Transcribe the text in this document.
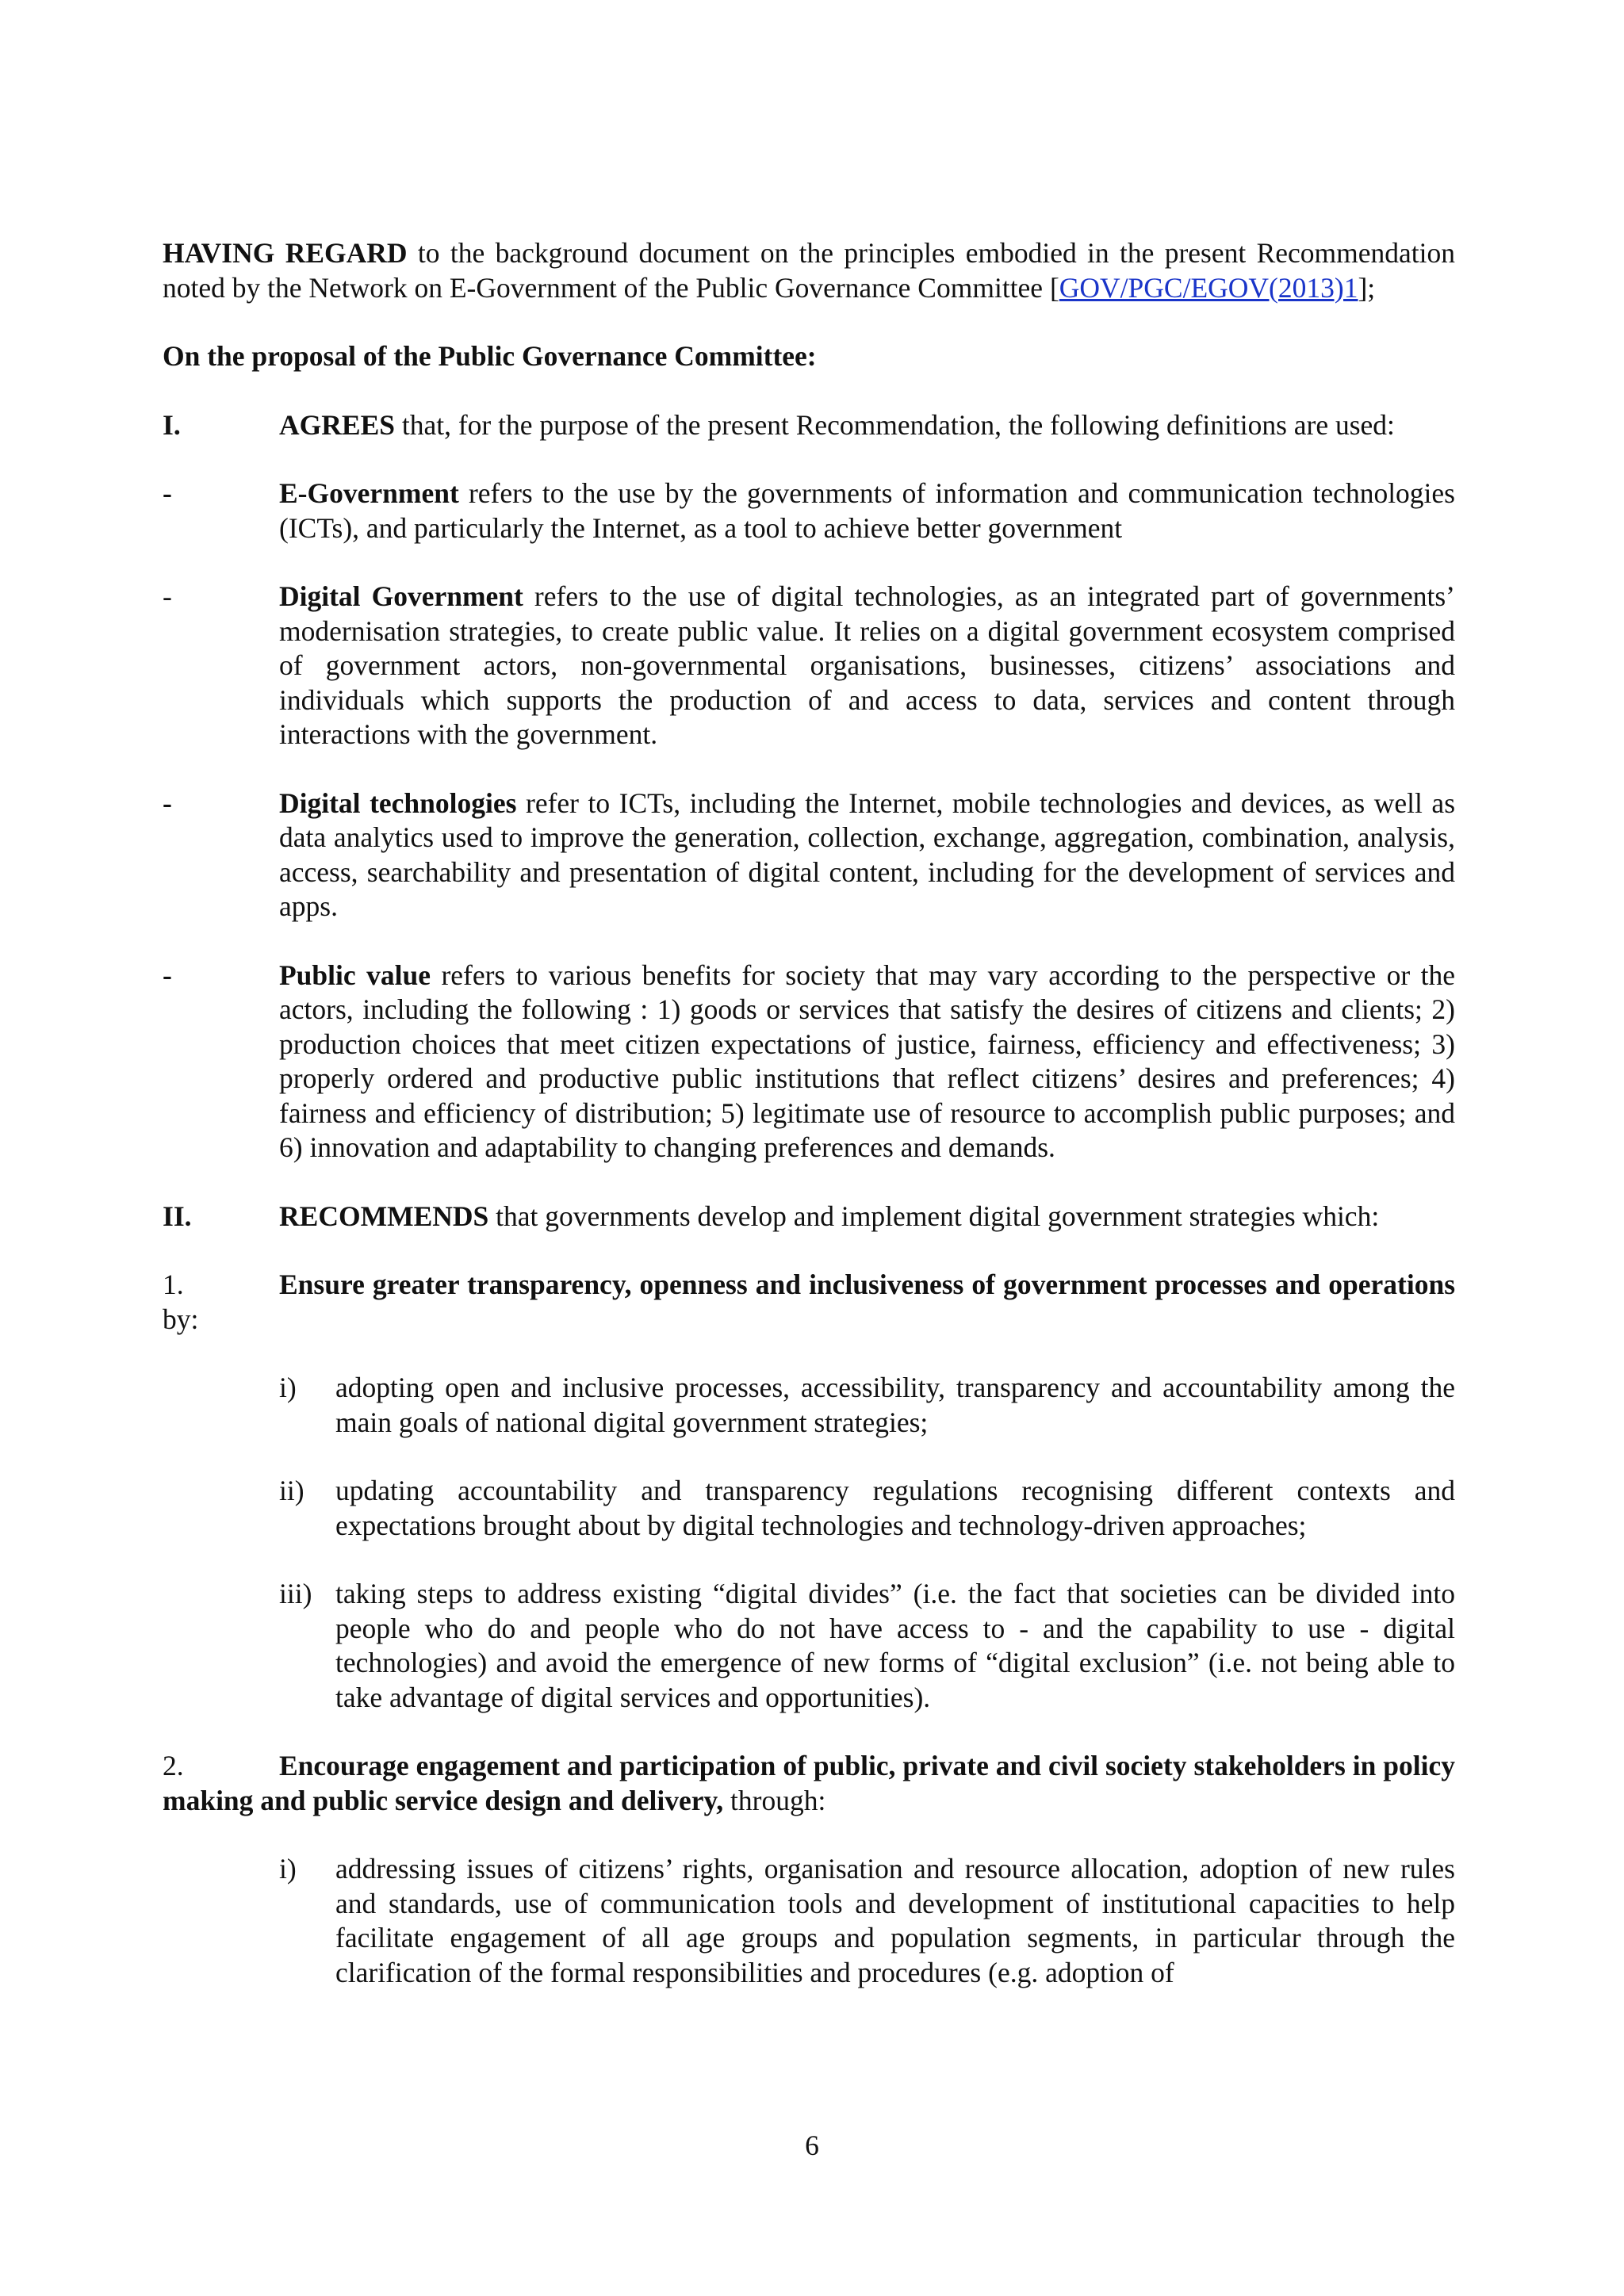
HAVING REGARD to the background document on the principles embodied in the present Recommendation noted by the Network on E-Government of the Public Governance Committee [GOV/PGC/EGOV(2013)1];

On the proposal of the Public Governance Committee:

I.	AGREES that, for the purpose of the present Recommendation, the following definitions are used:

-	E-Government refers to the use by the governments of information and communication technologies (ICTs), and particularly the Internet, as a tool to achieve better government
-	Digital Government refers to the use of digital technologies, as an integrated part of governments’ modernisation strategies, to create public value. It relies on a digital government ecosystem comprised of government actors, non-governmental organisations, businesses, citizens’ associations and individuals which supports the production of and access to data, services and content through interactions with the government.
-	Digital technologies refer to ICTs, including the Internet, mobile technologies and devices, as well as data analytics used to improve the generation, collection, exchange, aggregation, combination, analysis, access, searchability and presentation of digital content, including for the development of services and apps.
-	Public value refers to various benefits for society that may vary according to the perspective or the actors, including the following : 1) goods or services that satisfy the desires of citizens and clients; 2) production choices that meet citizen expectations of justice, fairness, efficiency and effectiveness; 3) properly ordered and productive public institutions that reflect citizens’ desires and preferences; 4) fairness and efficiency of distribution; 5) legitimate use of resource to accomplish public purposes; and 6) innovation and adaptability to changing preferences and demands.
II.	RECOMMENDS that governments develop and implement digital government strategies which:

1.	Ensure greater transparency, openness and inclusiveness of government processes and operations by:

i)	adopting open and inclusive processes, accessibility, transparency and accountability among the main goals of national digital government strategies;
ii)	updating accountability and transparency regulations recognising different contexts and expectations brought about by digital technologies and technology-driven approaches;
iii) taking steps to address existing “digital divides” (i.e. the fact that societies can be divided into people who do and people who do not have access to - and the capability to use - digital technologies) and avoid the emergence of new forms of “digital exclusion” (i.e. not being able to take advantage of digital services and opportunities).

2.	Encourage engagement and participation of public, private and civil society stakeholders in policy making and public service design and delivery, through:

i)	addressing issues of citizens’ rights, organisation and resource allocation, adoption of new rules and standards, use of communication tools and development of institutional capacities to help facilitate engagement of all age groups and population segments, in particular through the clarification of the formal responsibilities and procedures (e.g. adoption of
6
